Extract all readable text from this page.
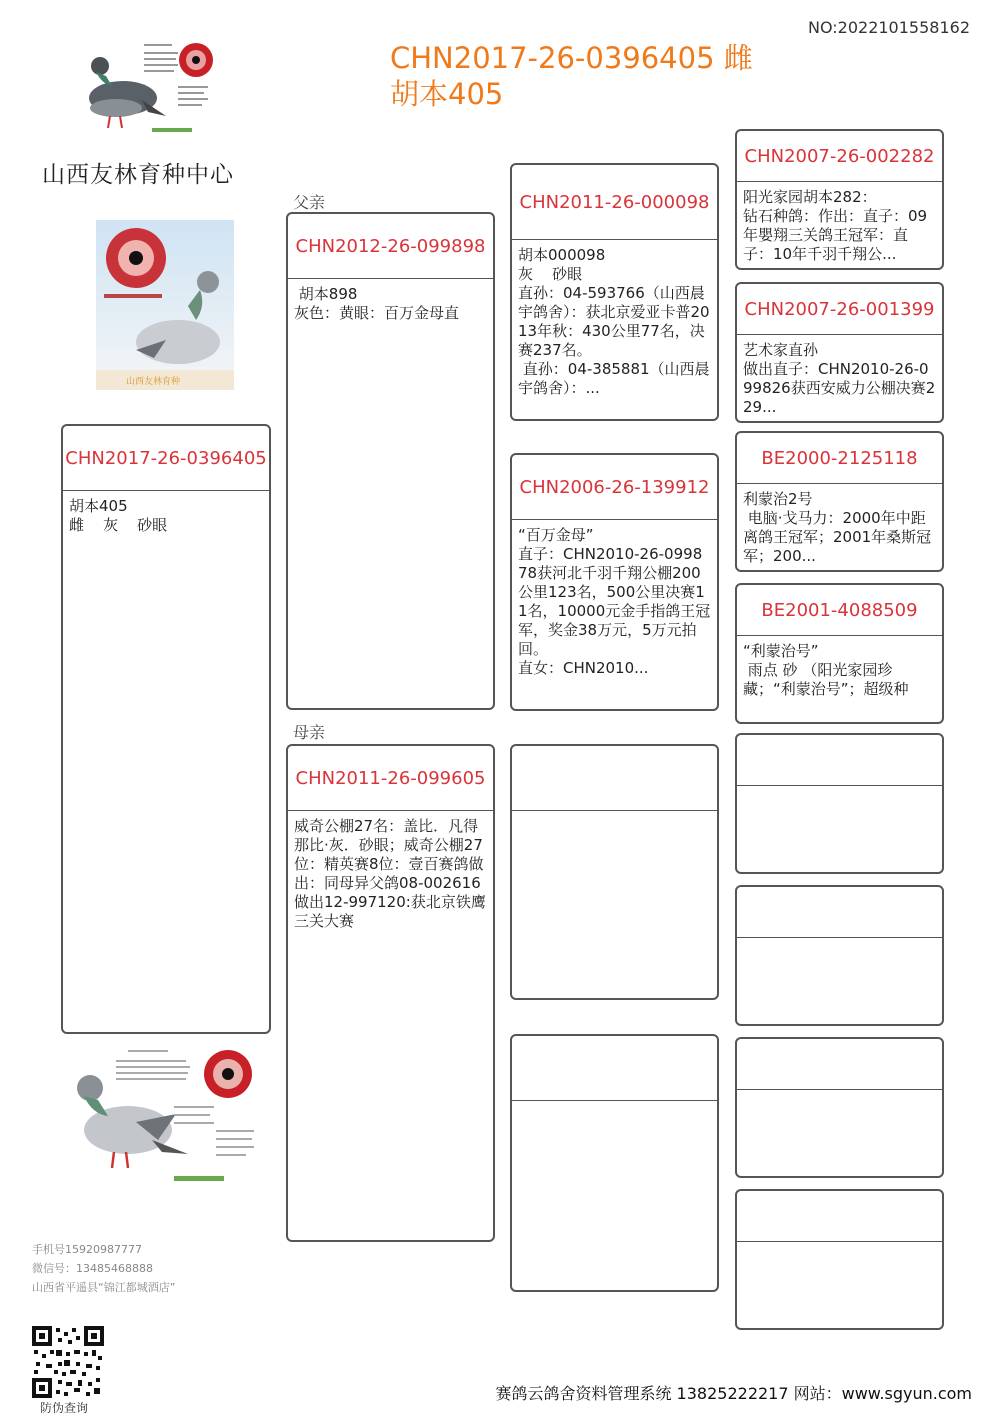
NO:2022101558162
CHN2017-26-0396405 雌
胡本405
山西友林育种中心
山西友林育种
父亲
母亲
CHN2017-26-0396405
胡本405
雌    灰    砂眼
CHN2012-26-099898
胡本898
灰色：黄眼：百万金母直
CHN2011-26-099605
威奇公棚27名：盖比．凡得那比·灰．砂眼；威奇公棚27位：精英赛8位：壹百赛鸽做出：同母异父鸽08-002616做出12-997120:获北京铁鹰三关大赛
CHN2011-26-000098
胡本000098
灰    砂眼
直孙：04-593766（山西晨宇鸽舍）：获北京爱亚卡普2013年秋：430公里77名，决赛237名。
直孙：04-385881（山西晨宇鸽舍）：...
CHN2006-26-139912
“百万金母”
直子：CHN2010-26-099878获河北千羽千翔公棚200公里123名，500公里决赛11名，10000元金手指鸽王冠军，奖金38万元，5万元拍回。
直女：CHN2010...
CHN2007-26-002282
阳光家园胡本282：
钻石种鸽：作出：直子：09年嬰翔三关鸽王冠军：直子：10年千羽千翔公...
CHN2007-26-001399
艺术家直孙
做出直子：CHN2010-26-099826获西安威力公棚决赛229...
BE2000-2125118
利蒙治2号
电脑·戈马力：2000年中距离鸽王冠军；2001年桑斯冠军；200...
BE2001-4088509
“利蒙治号”
雨点 砂 （阳光家园珍藏；“利蒙治号”；超级种
手机号15920987777
微信号：13485468888
山西省平遥县“锦江都城酒店”
防伪查询
赛鸽云鸽舍资料管理系统 13825222217 网站：www.sgyun.com
